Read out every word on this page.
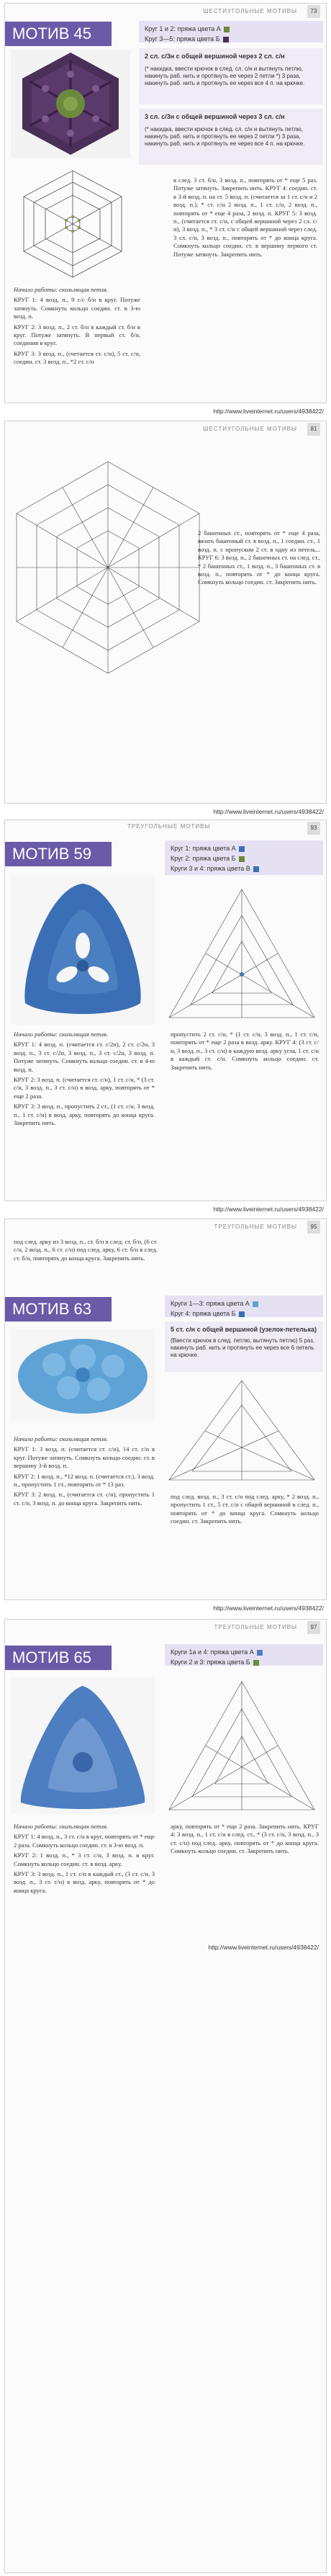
ШЕСТИУГОЛЬНЫЕ МОТИВЫ	73
МОТИВ 45	Круг 1 и 2: пряжа цвета А
Круг 3—5: пряжа цвета Б
2 сл. с/3н с общей вершиной через 2 сл. с/н
(* накидка, ввести крючок в след. сл. с/н и вытянуть петлю, накинуть раб. нить и протянуть ее через 2 петли *) 3 раза, накинуть раб. нить и протянуть ее через все 4 п. на крючке.
3 сл. с/3н с общей вершиной через 3 сл. с/н
(* накидка, ввести крючок в след. сл. с/н и вытянуть петлю, накинуть раб. нить и протянуть ее через 2 петли *) 3 раза, накинуть раб. нить и протянуть ее через все 4 п. на крючке.

Начало работы: скользящая петля.

КРУГ 1: 4 возд. п., 9 с/с б/н в круг. Потуже затянуть. Сомкнуть кольцо соедин. ст. в 3-ю возд. п.

КРУГ 2: 3 возд. п., 2 ст. б/н в каждый ст. б/н в круг. Потуже затянуть. В первый ст. б/н, соединив в круг.

КРУГ 3: 3 возд. п., (счетается ст. с/н), 5 ст. с/н, соедин. ст. 3 возд. п., *2 ст. с/н

в след. 3 ст. б/н, 3 возд. п., повторять от * еще 5 раз. Потуже затянуть. Закрепить нить. КРУГ 4: соедин. ст. в 3-й возд. п. на ст. 5 возд. п. (считается за 1 ст. с/н и 2 возд. п.), * ст. с/н 2 возд. п., 1 ст. с/н, 2 возд. п., повторять от * еще 4 раза, 2 возд. п. КРУГ 5: 3 возд. п., (считается ст. с/н, с общей вершиной через 2 сл. с/н), 3 возд. п., * 3 ст. с/н с общей вершиной через след. 3 сл. с/н, 3 возд. п., повторять от * до конца круга. Сомкнуть кольцо соедин. ст. в вершину первого ст. Потуже затянуть. Закрепить нить.

http://www.liveinternet.ru/users/4938422/
ШЕСТИУГОЛЬНЫЕ МОТИВЫ	81

2 башенных ст., повторять от * еще 4 раза, вязать башенный ст. в возд. п., 1 соедин. ст., 1 возд. п. с пропуском 2 ст. в одну из петель... КРУГ 6: 3 возд. п., 2 башенных ст. на след. ст., * 2 башенных ст., 1 возд. п., 3 башенных ст. в возд. п., повторять от * до конца круга. Сомкнуть кольцо соедин. ст. Закрепить нить.

http://www.liveinternet.ru/users/4938422/
ТРЕУГОЛЬНЫЕ МОТИВЫ	93
МОТИВ 59	Круг 1: пряжа цвета А
Круг 2: пряжа цвета Б
Круги 3 и 4: пряжа цвета В

Начало работы: скользящая петля.

КРУГ 1: 4 возд. п. (считается ст. с/2н), 2 ст. с/2н, 3 возд. п., 3 ст. с/2н, 3 возд. п., 3 ст. с/2н, 3 возд. п. Потуже затянуть. Сомкнуть кольцо соедин. ст. в 4-ю возд. п.

КРУГ 2: 3 возд. п. (считается ст. с/н), 1 ст. с/н, * (3 ст. с/н, 3 возд. п., 3 ст. с/н) в возд. арку, повторять от * еще 2 раза.

КРУГ 3: 3 возд. п., пропустить 2 ст., (1 ст. с/н, 3 возд. п., 1 ст. с/н) в возд. арку, повторять до конца круга. Закрепить нить.

пропустить 2 ст. с/н, * (1 ст. с/н, 3 возд. п., 1 ст. с/н, повторять от * еще 2 раза в возд. арку. КРУГ 4: (3 ст. с/н, 3 возд. п., 3 ст. с/н) в каждую возд. арку угла, 1 ст. с/н в каждый ст. с/н. Сомкнуть кольцо соедин. ст. Закрепить нить.

http://www.liveinternet.ru/users/4938422/
ТРЕУГОЛЬНЫЕ МОТИВЫ	95

под след. арку из 3 возд. п., ст. б/н в след. ст. б/н, (6 ст. с/н, 2 возд. п., 6 ст. с/н) под след. арку, 6 ст. б/н в след. ст. б/н, повторять до конца круга. Закрепить нить.

МОТИВ 63	Круги 1—3: пряжа цвета А
Круг 4: пряжа цвета Б
5 ст. с/н с общей вершиной (узелок-петелька)
(Ввести крючок в след. петлю, вытянуть петлю) 5 раз, накинуть раб. нить и протянуть ее через все 6 петель на крючке.

Начало работы: скользящая петля.

КРУГ 1: 3 возд. п. (считается ст. с/н), 14 ст. с/н в круг. Потуже затянуть. Сомкнуть кольцо соедин. ст. в вершину 3-й возд. п.

КРУГ 2: 1 возд. п., *12 возд. п. (считается ст.), 3 возд. п., пропустить 1 ст., повторять от * 13 раз.

КРУГ 3: 2 возд. п., (считается ст. с/н), пропустить 1 ст. с/н, 3 возд. п. до конца круга. Закрепить нить.

под след. возд. п., 3 ст. с/н под след. арку, * 2 возд. п., пропустить 1 ст., 5 ст. с/н с общей вершиной в след. п., повторять от * до конца круга. Сомкнуть кольцо соедин. ст. Закрепить нить.

http://www.liveinternet.ru/users/4938422/
ТРЕУГОЛЬНЫЕ МОТИВЫ	97
МОТИВ 65	Круги 1а и 4: пряжа цвета А
Круги 2 и 3: пряжа цвета Б

Начало работы: скользящая петля.

КРУГ 1: 4 возд. п., 3 ст. с/н в круг, повторять от * еще 2 раза. Сомкнуть кольцо соедин. ст. в 3-ю возд. п.

КРУГ 2: 1 возд. п., * 3 ст. с/н, 3 возд. п. в круг. Сомкнуть кольцо соедин. ст. в возд. арку.

КРУГ 3: 3 возд. п., 1 ст. с/н в каждый ст., (3 ст. с/н, 3 возд. п., 3 ст. с/н) в возд. арку, повторять от * до конца круга.

арку, повторять от * еще 2 раза. Закрепить нить. КРУГ 4: 3 возд. п., 1 ст. с/н в след. ст., * (3 ст. с/н, 3 возд. п., 3 ст. с/н) под след. арку, повторять от * до конца круга. Сомкнуть кольцо соедин. ст. Закрепить нить.

http://www.liveinternet.ru/users/4938422/
